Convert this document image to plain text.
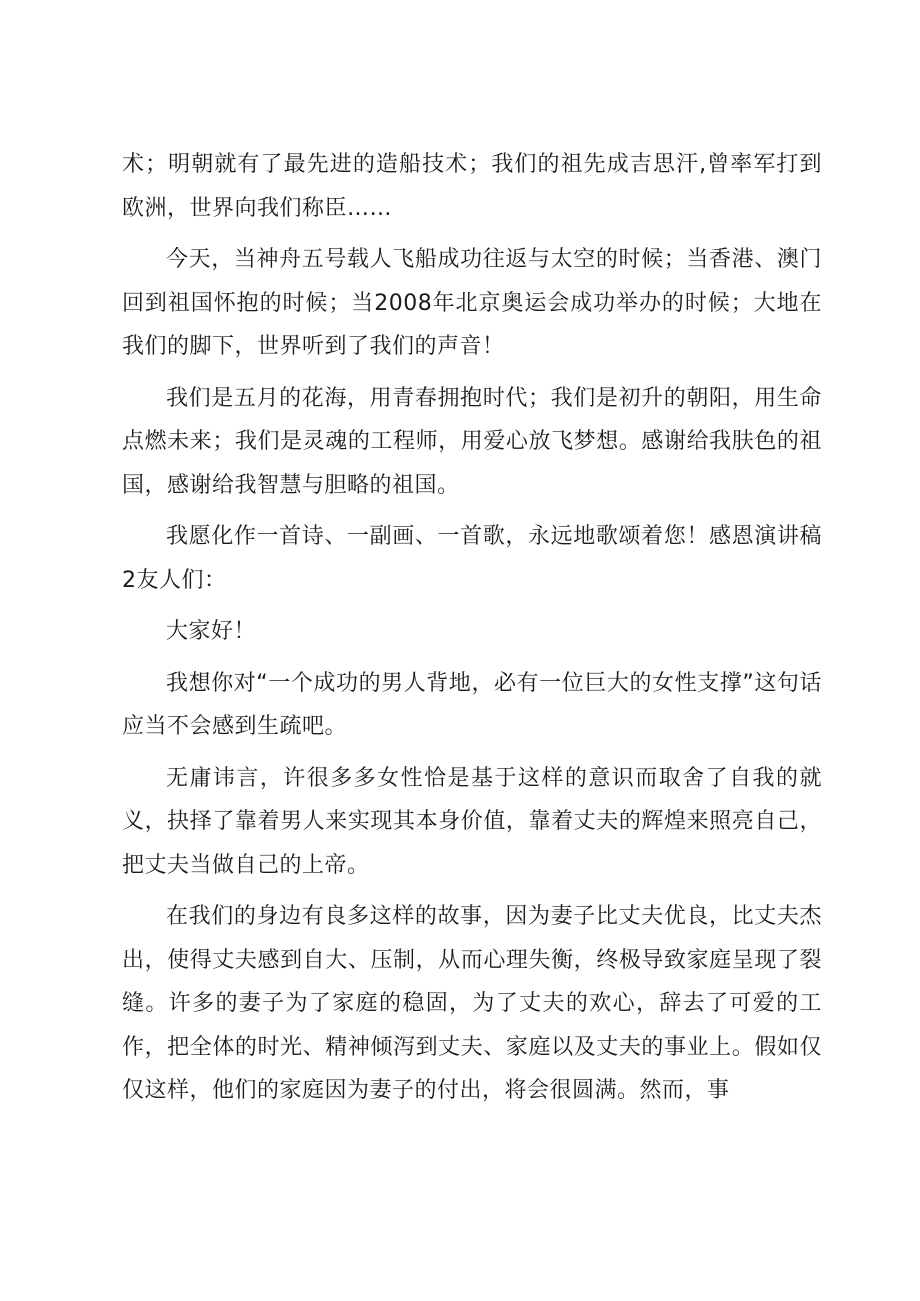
术；明朝就有了最先进的造船技术；我们的祖先成吉思汗,曾率军打到欧洲，世界向我们称臣……

今天，当神舟五号载人飞船成功往返与太空的时候；当香港、澳门回到祖国怀抱的时候；当2008年北京奥运会成功举办的时候；大地在我们的脚下，世界听到了我们的声音！

我们是五月的花海，用青春拥抱时代；我们是初升的朝阳，用生命点燃未来；我们是灵魂的工程师，用爱心放飞梦想。感谢给我肤色的祖国，感谢给我智慧与胆略的祖国。

我愿化作一首诗、一副画、一首歌，永远地歌颂着您！感恩演讲稿2友人们：

大家好！

我想你对“一个成功的男人背地，必有一位巨大的女性支撑”这句话应当不会感到生疏吧。

无庸讳言，许很多多女性恰是基于这样的意识而取舍了自我的就义，抉择了靠着男人来实现其本身价值，靠着丈夫的辉煌来照亮自己，把丈夫当做自己的上帝。

在我们的身边有良多这样的故事，因为妻子比丈夫优良，比丈夫杰出，使得丈夫感到自大、压制，从而心理失衡，终极导致家庭呈现了裂缝。许多的妻子为了家庭的稳固，为了丈夫的欢心，辞去了可爱的工作，把全体的时光、精神倾泻到丈夫、家庭以及丈夫的事业上。假如仅仅这样，他们的家庭因为妻子的付出，将会很圆满。然而，事
